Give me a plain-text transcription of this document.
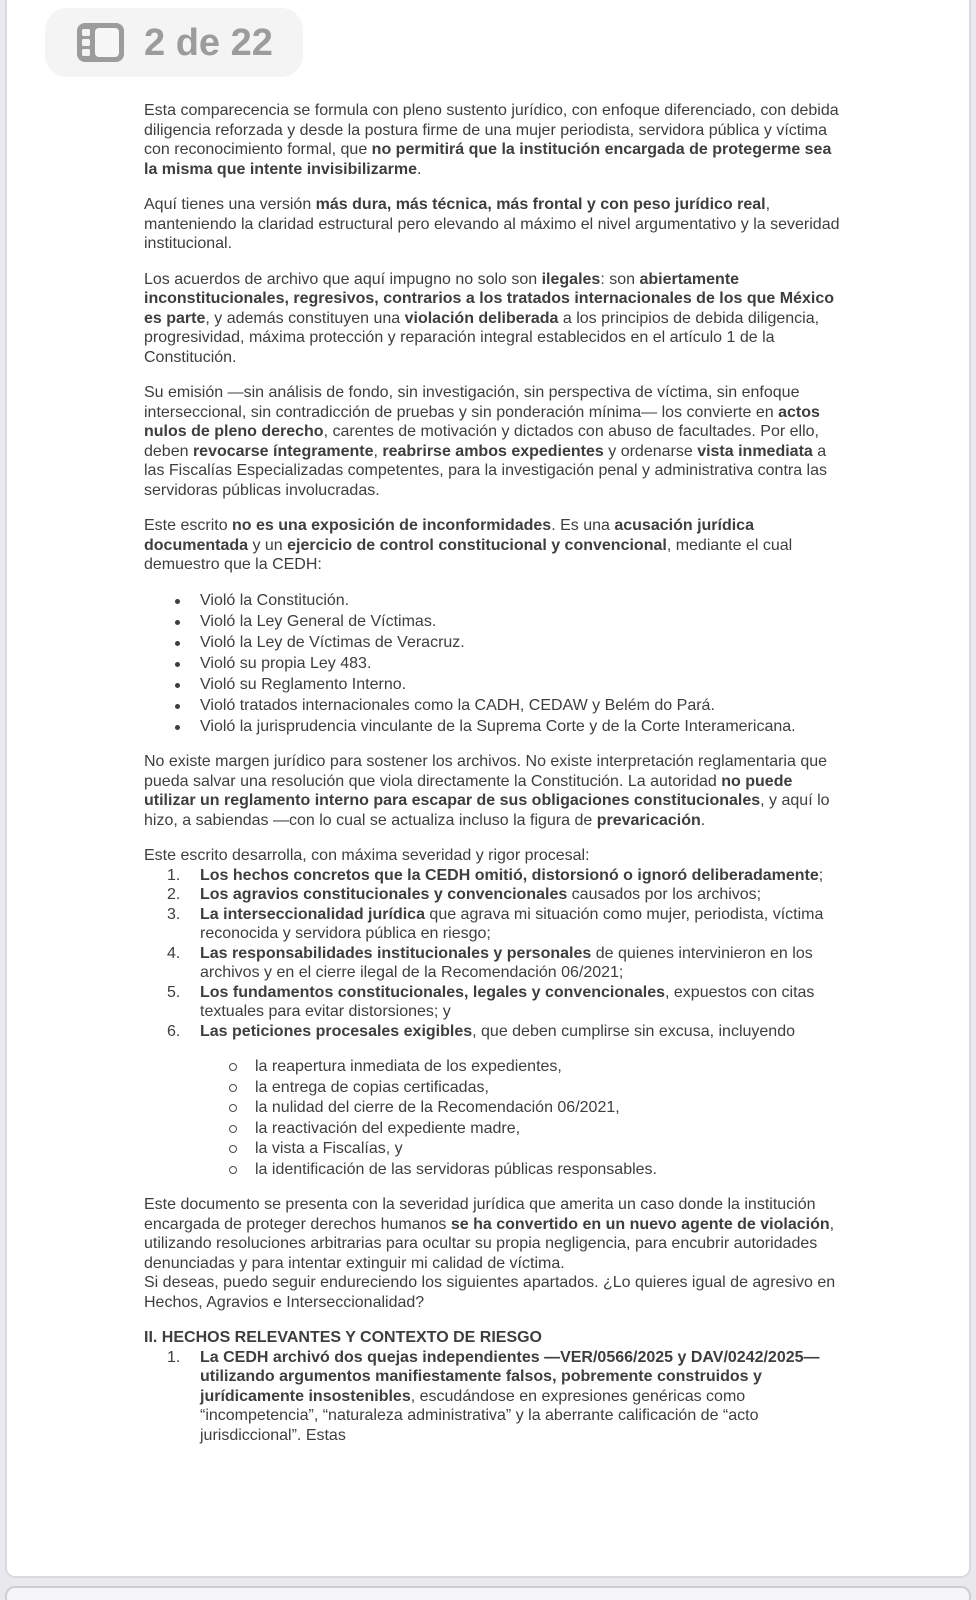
2 de 22

Esta comparecencia se formula con pleno sustento jurídico, con enfoque diferenciado, con debida diligencia reforzada y desde la postura firme de una mujer periodista, servidora pública y víctima con reconocimiento formal, que no permitirá que la institución encargada de protegerme sea la misma que intente invisibilizarme.

Aquí tienes una versión más dura, más técnica, más frontal y con peso jurídico real, manteniendo la claridad estructural pero elevando al máximo el nivel argumentativo y la severidad institucional.

Los acuerdos de archivo que aquí impugno no solo son ilegales: son abiertamente inconstitucionales, regresivos, contrarios a los tratados internacionales de los que México es parte, y además constituyen una violación deliberada a los principios de debida diligencia, progresividad, máxima protección y reparación integral establecidos en el artículo 1 de la Constitución.

Su emisión —sin análisis de fondo, sin investigación, sin perspectiva de víctima, sin enfoque interseccional, sin contradicción de pruebas y sin ponderación mínima— los convierte en actos nulos de pleno derecho, carentes de motivación y dictados con abuso de facultades. Por ello, deben revocarse íntegramente, reabrirse ambos expedientes y ordenarse vista inmediata a las Fiscalías Especializadas competentes, para la investigación penal y administrativa contra las servidoras públicas involucradas.

Este escrito no es una exposición de inconformidades. Es una acusación jurídica documentada y un ejercicio de control constitucional y convencional, mediante el cual demuestro que la CEDH:

Violó la Constitución.
Violó la Ley General de Víctimas.
Violó la Ley de Víctimas de Veracruz.
Violó su propia Ley 483.
Violó su Reglamento Interno.
Violó tratados internacionales como la CADH, CEDAW y Belém do Pará.
Violó la jurisprudencia vinculante de la Suprema Corte y de la Corte Interamericana.

No existe margen jurídico para sostener los archivos. No existe interpretación reglamentaria que pueda salvar una resolución que viola directamente la Constitución. La autoridad no puede utilizar un reglamento interno para escapar de sus obligaciones constitucionales, y aquí lo hizo, a sabiendas —con lo cual se actualiza incluso la figura de prevaricación.

Este escrito desarrolla, con máxima severidad y rigor procesal:

1. Los hechos concretos que la CEDH omitió, distorsionó o ignoró deliberadamente;
2. Los agravios constitucionales y convencionales causados por los archivos;
3. La interseccionalidad jurídica que agrava mi situación como mujer, periodista, víctima reconocida y servidora pública en riesgo;
4. Las responsabilidades institucionales y personales de quienes intervinieron en los archivos y en el cierre ilegal de la Recomendación 06/2021;
5. Los fundamentos constitucionales, legales y convencionales, expuestos con citas textuales para evitar distorsiones; y
6. Las peticiones procesales exigibles, que deben cumplirse sin excusa, incluyendo
la reapertura inmediata de los expedientes,
la entrega de copias certificadas,
la nulidad del cierre de la Recomendación 06/2021,
la reactivación del expediente madre,
la vista a Fiscalías, y
la identificación de las servidoras públicas responsables.

Este documento se presenta con la severidad jurídica que amerita un caso donde la institución encargada de proteger derechos humanos se ha convertido en un nuevo agente de violación, utilizando resoluciones arbitrarias para ocultar su propia negligencia, para encubrir autoridades denunciadas y para intentar extinguir mi calidad de víctima.
Si deseas, puedo seguir endureciendo los siguientes apartados. ¿Lo quieres igual de agresivo en Hechos, Agravios e Interseccionalidad?

II. HECHOS RELEVANTES Y CONTEXTO DE RIESGO
1. La CEDH archivó dos quejas independientes —VER/0566/2025 y DAV/0242/2025— utilizando argumentos manifiestamente falsos, pobremente construidos y jurídicamente insostenibles, escudándose en expresiones genéricas como “incompetencia”, “naturaleza administrativa” y la aberrante calificación de “acto jurisdiccional”. Estas
